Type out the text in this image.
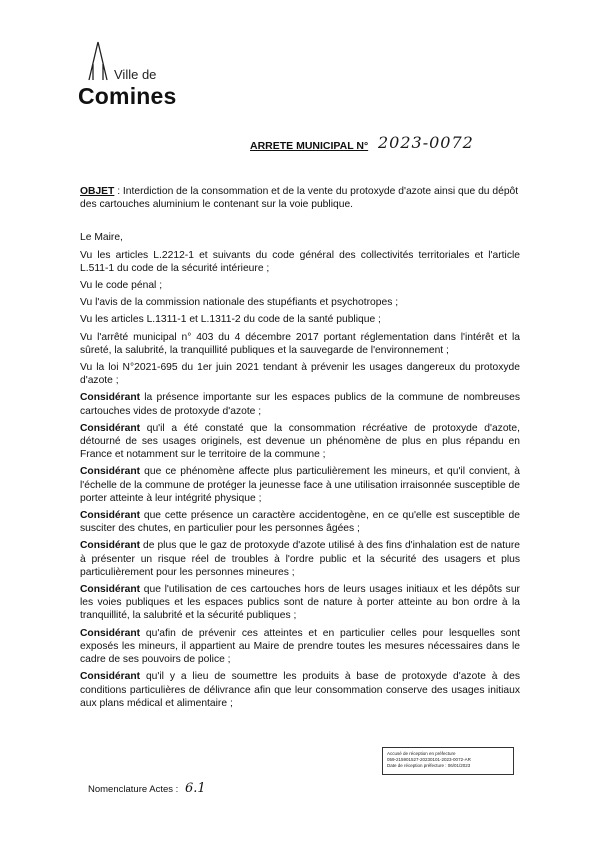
Ville de
Comines
ARRETE MUNICIPAL N° 2023-0072

OBJET : Interdiction de la consommation et de la vente du protoxyde d'azote ainsi que du dépôt des cartouches aluminium le contenant sur la voie publique.

Le Maire,

Vu les articles L.2212-1 et suivants du code général des collectivités territoriales et l'article L.511-1 du code de la sécurité intérieure ;

Vu le code pénal ;

Vu l'avis de la commission nationale des stupéfiants et psychotropes ;

Vu les articles L.1311-1 et L.1311-2 du code de la santé publique ;

Vu l'arrêté municipal n° 403 du 4 décembre 2017 portant réglementation dans l'intérêt et la sûreté, la salubrité, la tranquillité publiques et la sauvegarde de l'environnement ;

Vu la loi N°2021-695 du 1er juin 2021 tendant à prévenir les usages dangereux du protoxyde d'azote ;

Considérant la présence importante sur les espaces publics de la commune de nombreuses cartouches vides de protoxyde d'azote ;

Considérant qu'il a été constaté que la consommation récréative de protoxyde d'azote, détourné de ses usages originels, est devenue un phénomène de plus en plus répandu en France et notamment sur le territoire de la commune ;

Considérant que ce phénomène affecte plus particulièrement les mineurs, et qu'il convient, à l'échelle de la commune de protéger la jeunesse face à une utilisation irraisonnée susceptible de porter atteinte à leur intégrité physique ;

Considérant que cette présence un caractère accidentogène, en ce qu'elle est susceptible de susciter des chutes, en particulier pour les personnes âgées ;

Considérant de plus que le gaz de protoxyde d'azote utilisé à des fins d'inhalation est de nature à présenter un risque réel de troubles à l'ordre public et la sécurité des usagers et plus particulièrement pour les personnes mineures ;

Considérant que l'utilisation de ces cartouches hors de leurs usages initiaux et les dépôts sur les voies publiques et les espaces publics sont de nature à porter atteinte au bon ordre à la tranquillité, la salubrité et la sécurité publiques ;

Considérant qu'afin de prévenir ces atteintes et en particulier celles pour lesquelles sont exposés les mineurs, il appartient au Maire de prendre toutes les mesures nécessaires dans le cadre de ses pouvoirs de police ;

Considérant qu'il y a lieu de soumettre les produits à base de protoxyde d'azote à des conditions particulières de délivrance afin que leur consommation conserve des usages initiaux aux plans médical et alimentaire ;

Accusé de réception en préfecture
059-215901527-20230101-2023-0072-AR
Date de réception préfecture : 06/01/2023
Nomenclature Actes : 6.1
